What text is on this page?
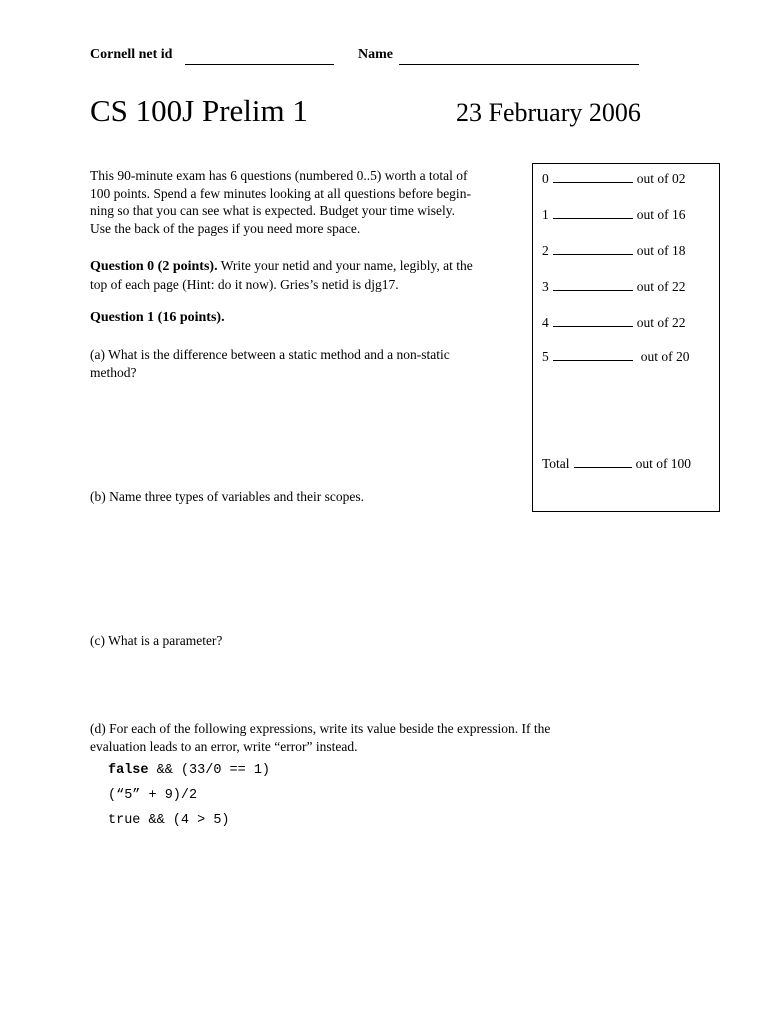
Cornell net id	Name
CS 100J Prelim 1	23 February 2006
This 90-minute exam has 6 questions (numbered 0..5) worth a total of
100 points. Spend a few minutes looking at all questions before begin-
ning so that you can see what is expected. Budget your time wisely.
Use the back of the pages if you need more space.
Question 0 (2 points). Write your netid and your name, legibly, at the
top of each page (Hint: do it now). Gries’s netid is djg17.
Question 1 (16 points).
(a) What is the difference between a static method and a non-static
method?
(b) Name three types of variables and their scopes.
(c) What is a parameter?
(d) For each of the following expressions, write its value beside the expression. If the
evaluation leads to an error, write “error” instead.
false && (33/0 == 1)
(“5” + 9)/2
true && (4 > 5)
0	out of 02
1	out of 16
2	out of 18
3	out of 22
4	out of 22
5	out of 20
Total	out of 100
